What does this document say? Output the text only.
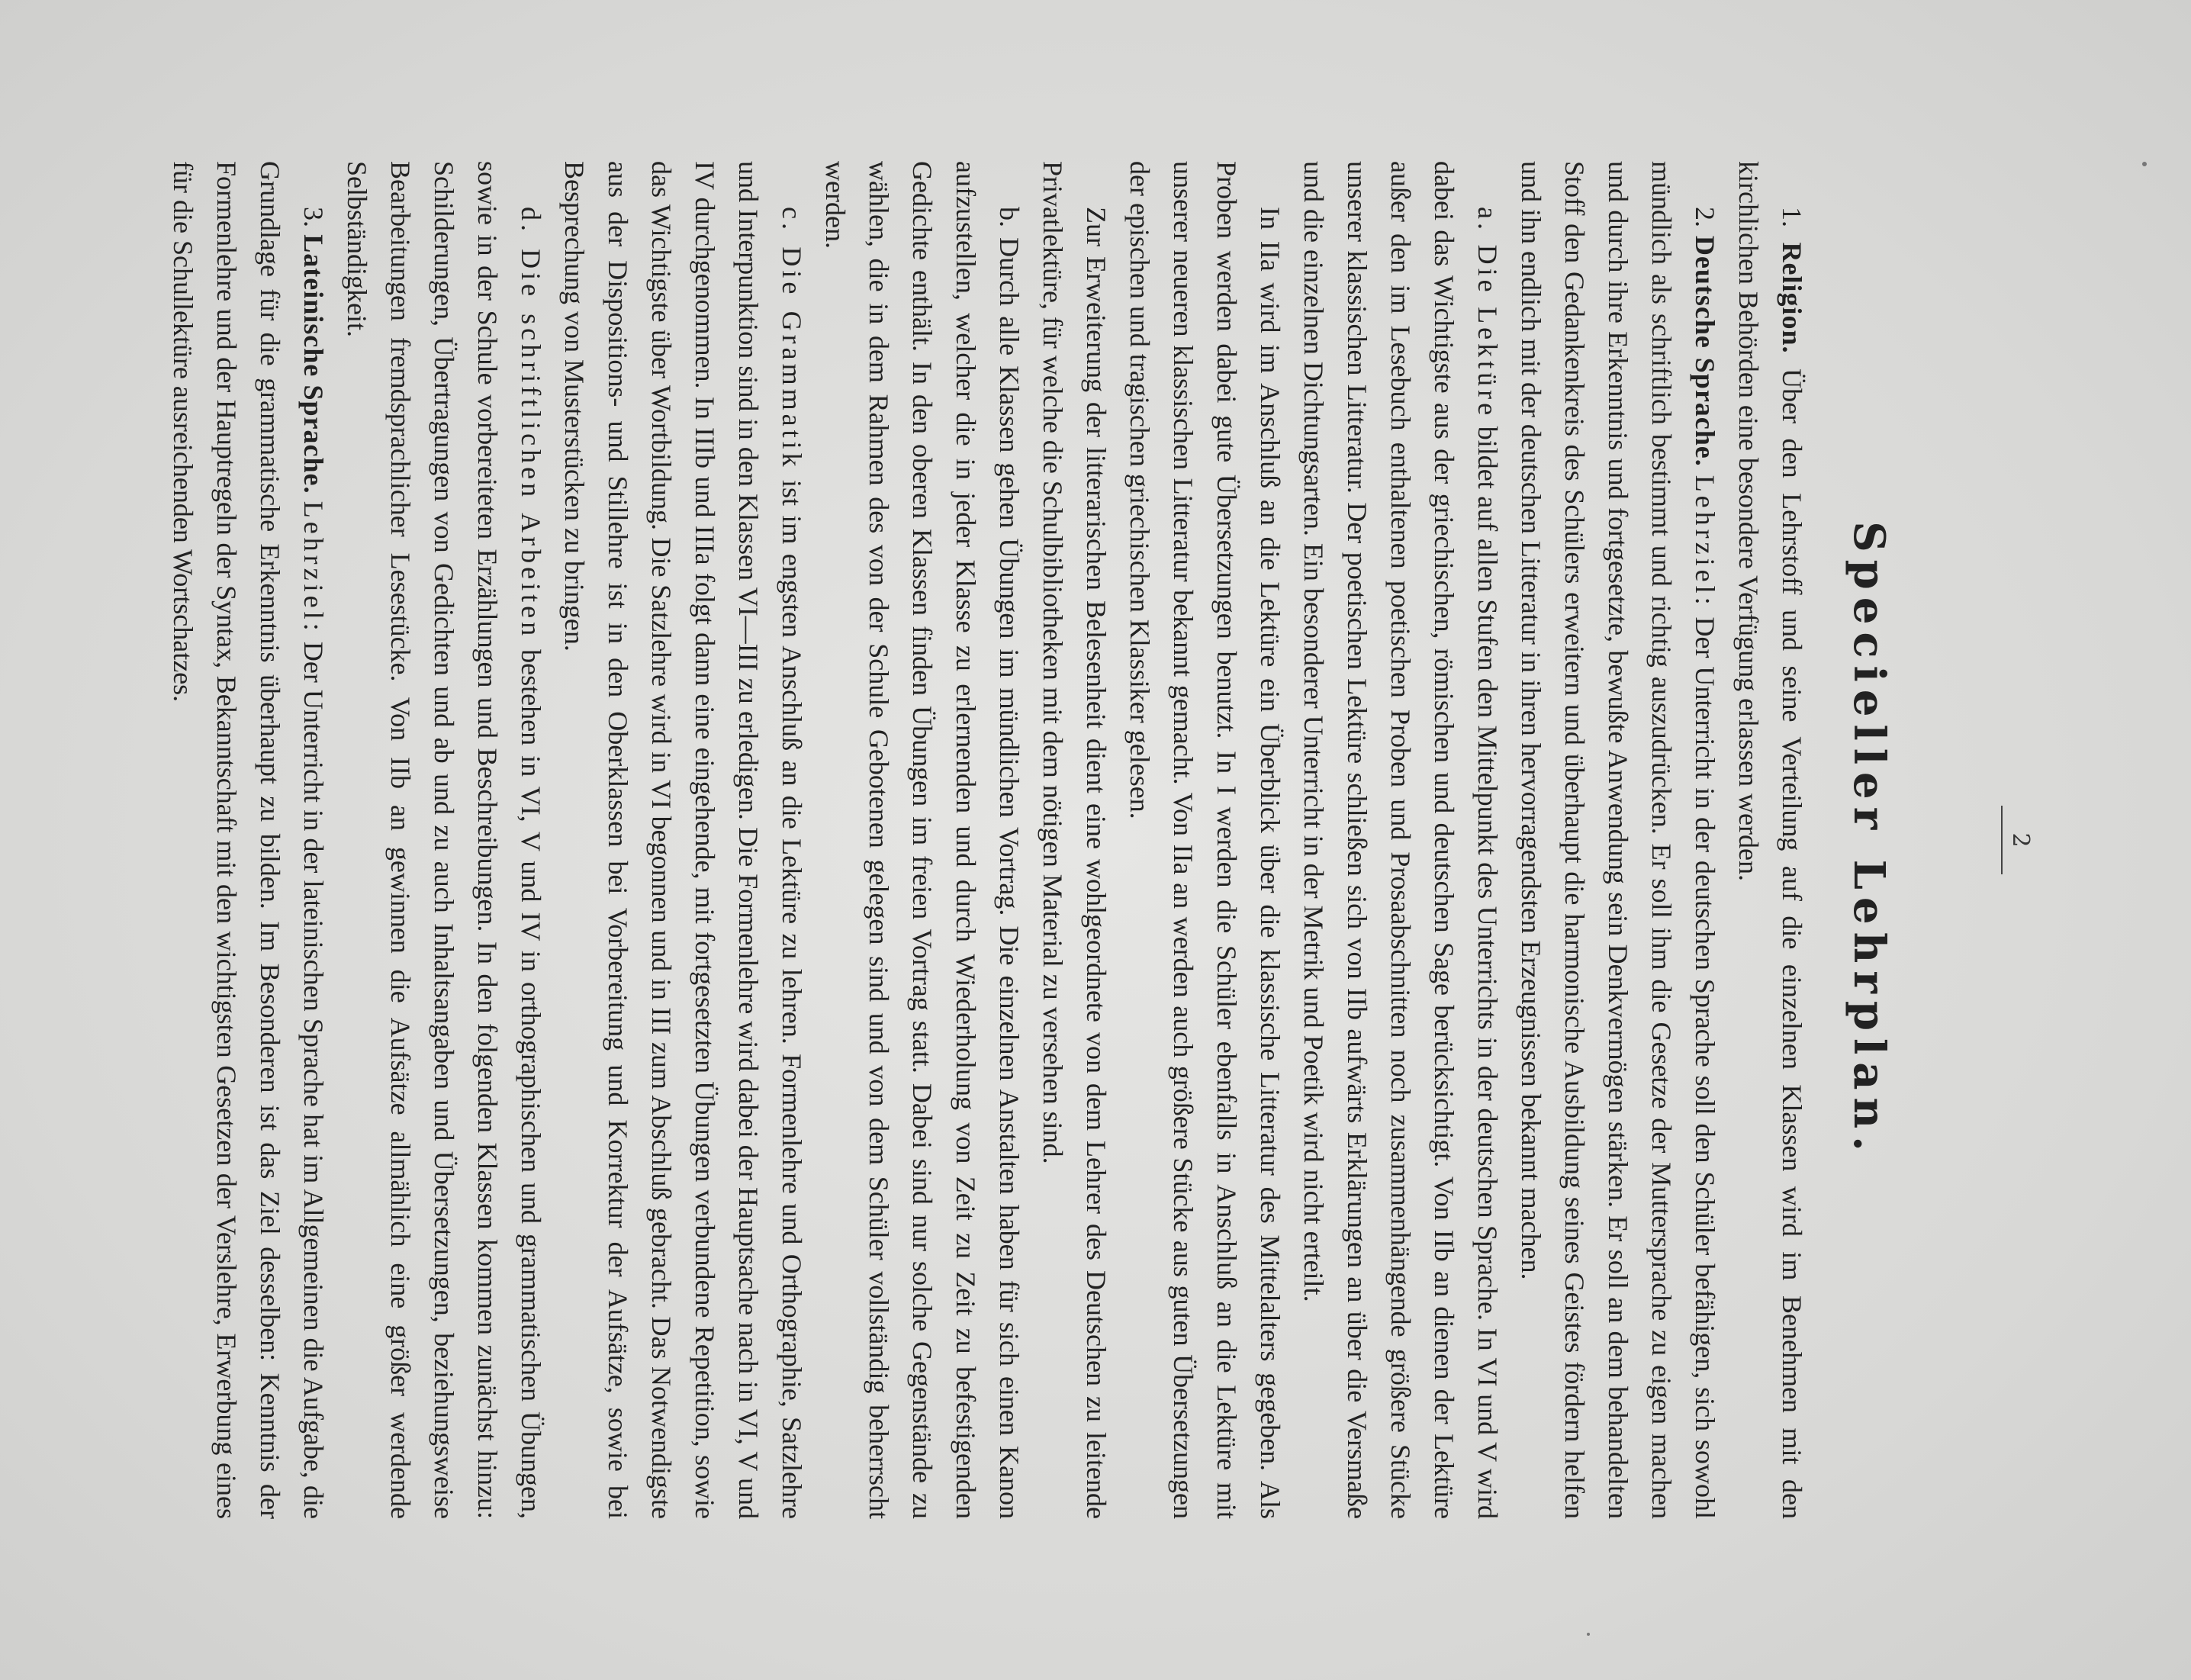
2
Specieller Lehrplan.

1. Religion. Über den Lehrstoff und seine Verteilung auf die einzelnen Klassen wird im Benehmen mit den kirchlichen Behörden eine besondere Verfügung erlassen werden.

2. Deutsche Sprache. Lehrziel: Der Unterricht in der deutschen Sprache soll den Schüler befähigen, sich sowohl mündlich als schriftlich bestimmt und richtig auszudrücken. Er soll ihm die Gesetze der Muttersprache zu eigen machen und durch ihre Erkenntnis und fortgesetzte, bewußte Anwendung sein Denkvermögen stärken. Er soll an dem behandelten Stoff den Gedankenkreis des Schülers erweitern und überhaupt die harmonische Ausbildung seines Geistes fördern helfen und ihn endlich mit der deutschen Litteratur in ihren hervorragendsten Erzeugnissen bekannt machen.

a. Die Lektüre bildet auf allen Stufen den Mittelpunkt des Unterrichts in der deutschen Sprache. In VI und V wird dabei das Wichtigste aus der griechischen, römischen und deutschen Sage berücksichtigt. Von IIb an dienen der Lektüre außer den im Lesebuch enthaltenen poetischen Proben und Prosaabschnitten noch zusammenhängende größere Stücke unserer klassischen Litteratur. Der poetischen Lektüre schließen sich von IIb aufwärts Erklärungen an über die Versmaße und die einzelnen Dichtungsarten. Ein besonderer Unterricht in der Metrik und Poetik wird nicht erteilt.

In IIa wird im Anschluß an die Lektüre ein Überblick über die klassische Litteratur des Mittelalters gegeben. Als Proben werden dabei gute Übersetzungen benutzt. In I werden die Schüler ebenfalls in Anschluß an die Lektüre mit unserer neueren klassischen Litteratur bekannt gemacht. Von IIa an werden auch größere Stücke aus guten Übersetzungen der epischen und tragischen griechischen Klassiker gelesen.

Zur Erweiterung der litterarischen Belesenheit dient eine wohlgeordnete von dem Lehrer des Deutschen zu leitende Privatlektüre, für welche die Schulbibliotheken mit dem nötigen Material zu versehen sind.

b. Durch alle Klassen gehen Übungen im mündlichen Vortrag. Die einzelnen Anstalten haben für sich einen Kanon aufzustellen, welcher die in jeder Klasse zu erlernenden und durch Wiederholung von Zeit zu Zeit zu befestigenden Gedichte enthält. In den oberen Klassen finden Übungen im freien Vortrag statt. Dabei sind nur solche Gegenstände zu wählen, die in dem Rahmen des von der Schule Gebotenen gelegen sind und von dem Schüler vollständig beherrscht werden.

c. Die Grammatik ist im engsten Anschluß an die Lektüre zu lehren. Formenlehre und Orthographie, Satzlehre und Interpunktion sind in den Klassen VI—III zu erledigen. Die Formenlehre wird dabei der Hauptsache nach in VI, V und IV durchgenommen. In IIIb und IIIa folgt dann eine eingehende, mit fortgesetzten Übungen verbundene Repetition, sowie das Wichtigste über Wortbildung. Die Satzlehre wird in VI begonnen und in III zum Abschluß gebracht. Das Notwendigste aus der Dispositions- und Stillehre ist in den Oberklassen bei Vorbereitung und Korrektur der Aufsätze, sowie bei Besprechung von Musterstücken zu bringen.

d. Die schriftlichen Arbeiten bestehen in VI, V und IV in orthographischen und grammatischen Übungen, sowie in der Schule vorbereiteten Erzählungen und Beschreibungen. In den folgenden Klassen kommen zunächst hinzu: Schilderungen, Übertragungen von Gedichten und ab und zu auch Inhaltsangaben und Übersetzungen, beziehungsweise Bearbeitungen fremdsprachlicher Lesestücke. Von IIb an gewinnen die Aufsätze allmählich eine größer werdende Selbständigkeit.

3. Lateinische Sprache. Lehrziel: Der Unterricht in der lateinischen Sprache hat im Allgemeinen die Aufgabe, die Grundlage für die grammatische Erkenntnis überhaupt zu bilden. Im Besonderen ist das Ziel desselben: Kenntnis der Formenlehre und der Hauptregeln der Syntax, Bekanntschaft mit den wichtigsten Gesetzen der Verslehre, Erwerbung eines für die Schullektüre ausreichenden Wortschatzes.
